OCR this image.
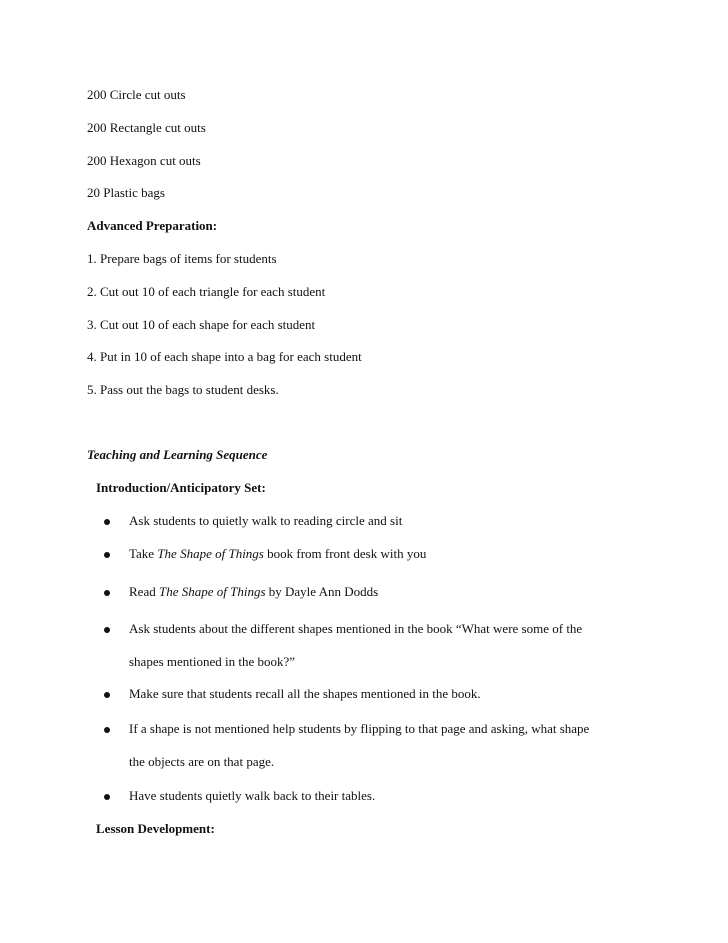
200 Circle cut outs
200 Rectangle cut outs
200 Hexagon cut outs
20 Plastic bags
Advanced Preparation:
1. Prepare bags of items for students
2. Cut out 10 of each triangle for each student
3. Cut out 10 of each shape for each student
4. Put in 10 of each shape into a bag for each student
5. Pass out the bags to student desks.
Teaching and Learning Sequence
Introduction/Anticipatory Set:
Ask students to quietly walk to reading circle and sit
Take The Shape of Things book from front desk with you
Read The Shape of Things by Dayle Ann Dodds
Ask students about the different shapes mentioned in the book “What were some of the
shapes mentioned in the book?”
Make sure that students recall all the shapes mentioned in the book.
If a shape is not mentioned help students by flipping to that page and asking, what shape
the objects are on that page.
Have students quietly walk back to their tables.
Lesson Development:
